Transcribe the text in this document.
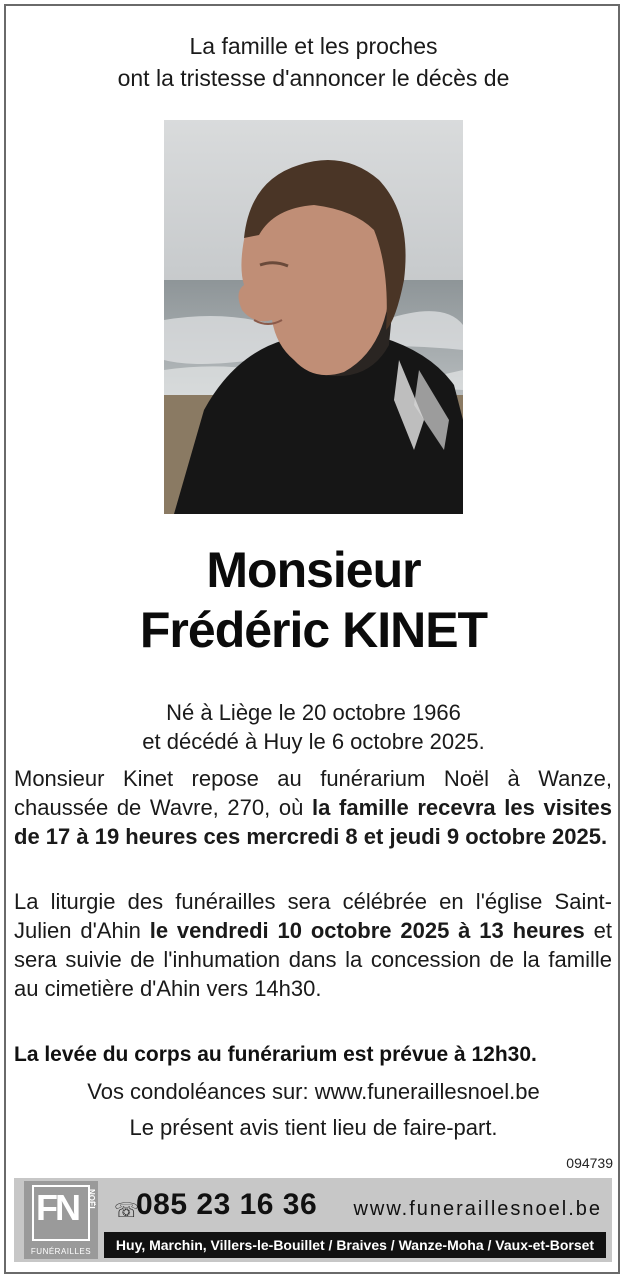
La famille et les proches
ont la tristesse d'annoncer le décès de
Monsieur
Frédéric KINET
Né à Liège le 20 octobre 1966
et décédé à Huy le 6 octobre 2025.
Monsieur Kinet repose au funérarium Noël à Wanze, chaussée de Wavre, 270, où la famille recevra les visites de 17 à 19 heures ces mercredi 8 et jeudi 9 octobre 2025.
La liturgie des funérailles sera célébrée en l'église Saint-Julien d'Ahin le vendredi 10 octobre 2025 à 13 heures et sera suivie de l'inhumation dans la concession de la famille au cimetière d'Ahin vers 14h30.
La levée du corps au funérarium est prévue à 12h30.
Vos condoléances sur: www.funeraillesnoel.be
Le présent avis tient lieu de faire-part.
094739
FN NOËL
FUNÉRAILLES
☏
085 23 16 36 www.funeraillesnoel.be
Huy, Marchin, Villers-le-Bouillet / Braives / Wanze-Moha / Vaux-et-Borset
